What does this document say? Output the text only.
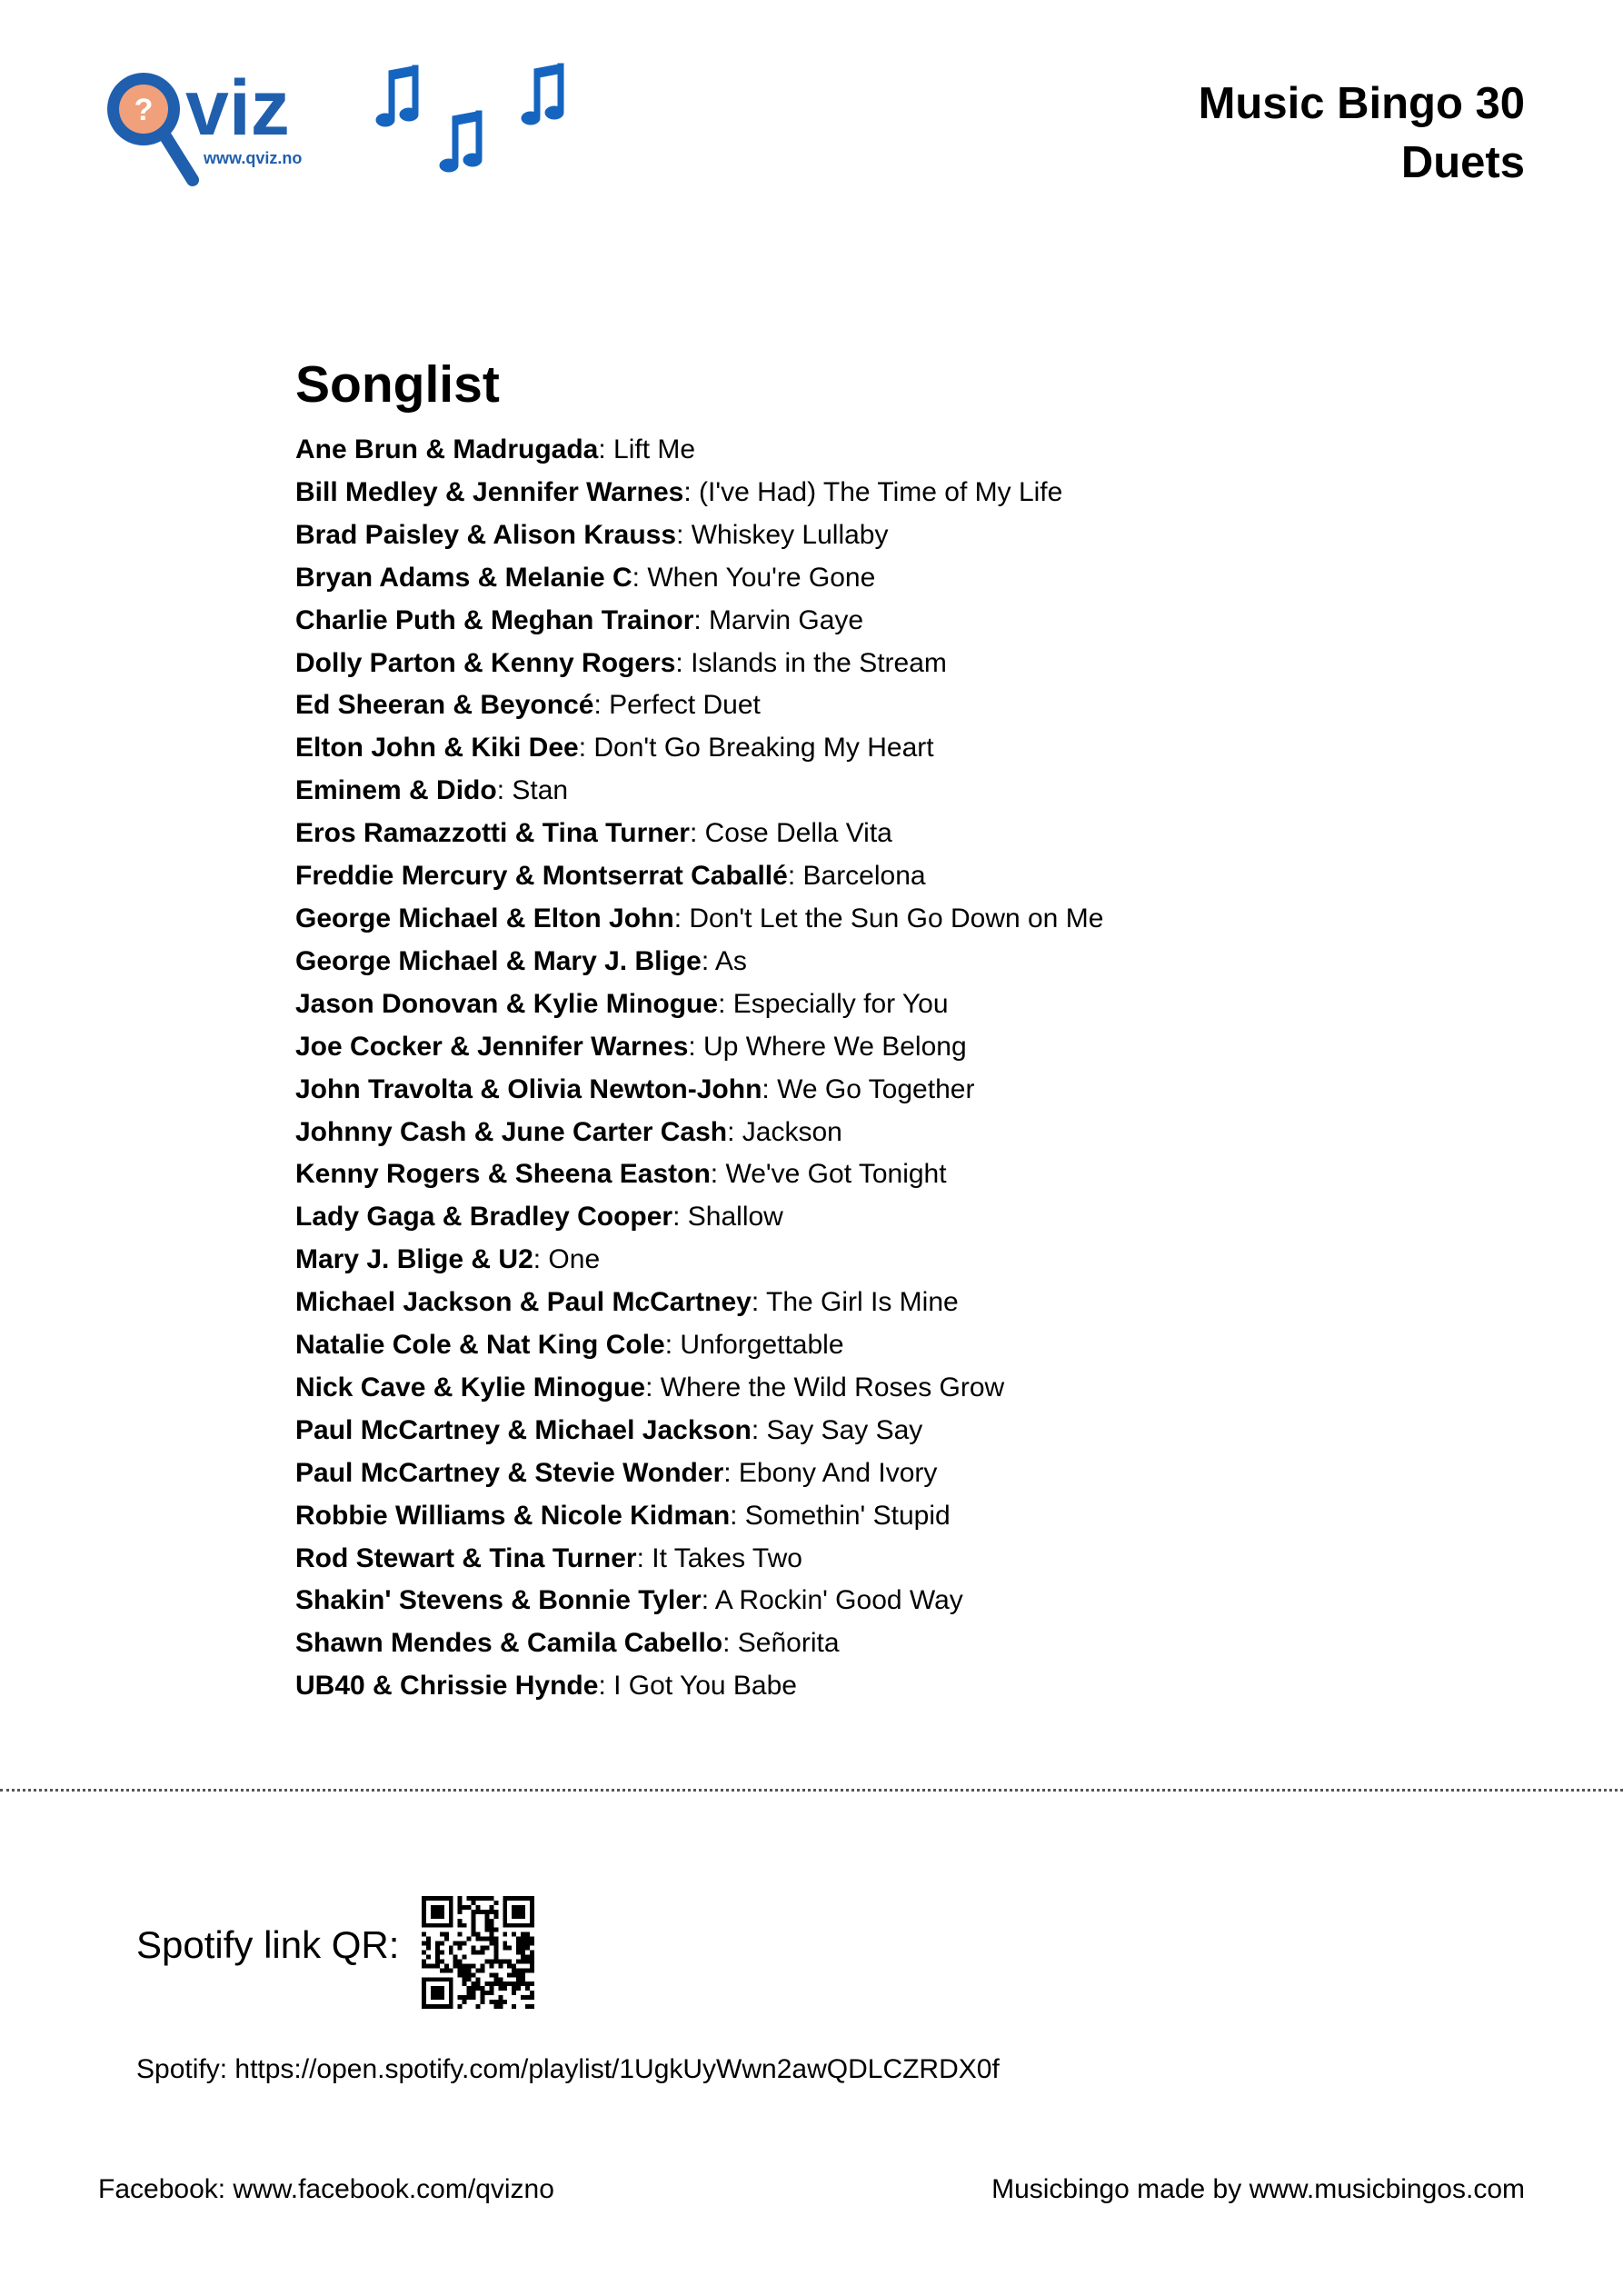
? viz
www.qviz.no
Music Bingo 30
Duets
Songlist
Ane Brun & Madrugada: Lift Me
Bill Medley & Jennifer Warnes: (I've Had) The Time of My Life
Brad Paisley & Alison Krauss: Whiskey Lullaby
Bryan Adams & Melanie C: When You're Gone
Charlie Puth & Meghan Trainor: Marvin Gaye
Dolly Parton & Kenny Rogers: Islands in the Stream
Ed Sheeran & Beyoncé: Perfect Duet
Elton John & Kiki Dee: Don't Go Breaking My Heart
Eminem & Dido: Stan
Eros Ramazzotti & Tina Turner: Cose Della Vita
Freddie Mercury & Montserrat Caballé: Barcelona
George Michael & Elton John: Don't Let the Sun Go Down on Me
George Michael & Mary J. Blige: As
Jason Donovan & Kylie Minogue: Especially for You
Joe Cocker & Jennifer Warnes: Up Where We Belong
John Travolta & Olivia Newton-John: We Go Together
Johnny Cash & June Carter Cash: Jackson
Kenny Rogers & Sheena Easton: We've Got Tonight
Lady Gaga & Bradley Cooper: Shallow
Mary J. Blige & U2: One
Michael Jackson & Paul McCartney: The Girl Is Mine
Natalie Cole & Nat King Cole: Unforgettable
Nick Cave & Kylie Minogue: Where the Wild Roses Grow
Paul McCartney & Michael Jackson: Say Say Say
Paul McCartney & Stevie Wonder: Ebony And Ivory
Robbie Williams & Nicole Kidman: Somethin' Stupid
Rod Stewart & Tina Turner: It Takes Two
Shakin' Stevens & Bonnie Tyler: A Rockin' Good Way
Shawn Mendes & Camila Cabello: Señorita
UB40 & Chrissie Hynde: I Got You Babe
Spotify link QR:
Spotify: https://open.spotify.com/playlist/1UgkUyWwn2awQDLCZRDX0f
Facebook: www.facebook.com/qvizno	Musicbingo made by www.musicbingos.com
